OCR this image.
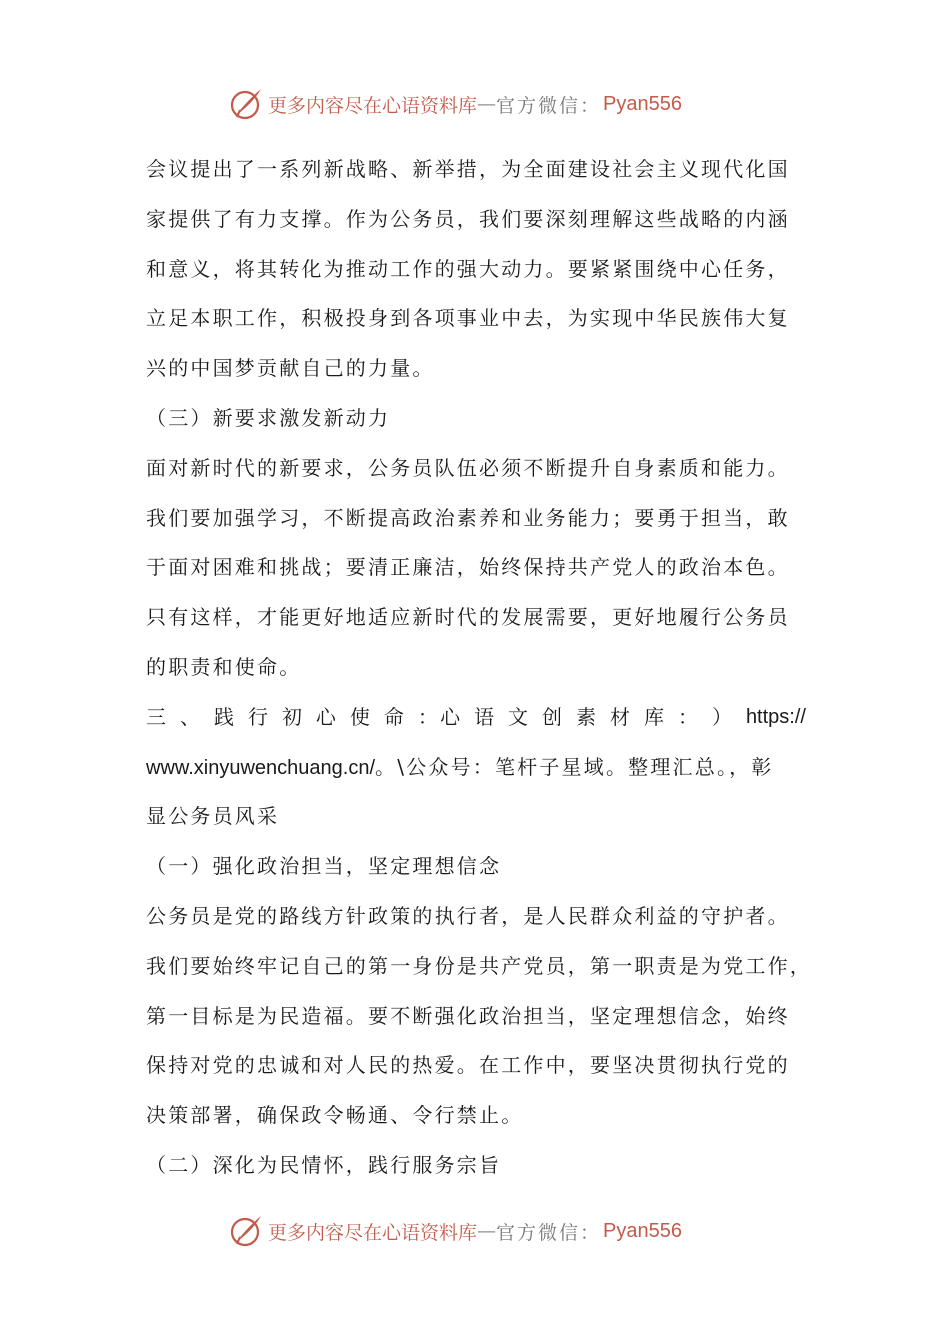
更多内容尽在心语资料库 — 官方微信： Pyan556
会议提出了一系列新战略、新举措，为全面建设社会主义现代化国
家提供了有力支撑。作为公务员，我们要深刻理解这些战略的内涵
和意义，将其转化为推动工作的强大动力。要紧紧围绕中心任务，
立足本职工作，积极投身到各项事业中去，为实现中华民族伟大复
兴的中国梦贡献自己的力量。
（三）新要求激发新动力
面对新时代的新要求，公务员队伍必须不断提升自身素质和能力。
我们要加强学习，不断提高政治素养和业务能力；要勇于担当，敢
于面对困难和挑战；要清正廉洁，始终保持共产党人的政治本色。
只有这样，才能更好地适应新时代的发展需要，更好地履行公务员
的职责和使命。
三 、 践 行 初 心 使 命 ：心 语 文 创 素 材 库 ： ） https://
www.xinyuwenchuang.cn/。\公众号：笔杆子星域。整理汇总。，彰
显公务员风采
（一）强化政治担当，坚定理想信念
公务员是党的路线方针政策的执行者，是人民群众利益的守护者。
我们要始终牢记自己的第一身份是共产党员，第一职责是为党工作，
第一目标是为民造福。要不断强化政治担当，坚定理想信念，始终
保持对党的忠诚和对人民的热爱。在工作中，要坚决贯彻执行党的
决策部署，确保政令畅通、令行禁止。
（二）深化为民情怀，践行服务宗旨
更多内容尽在心语资料库 — 官方微信： Pyan556
